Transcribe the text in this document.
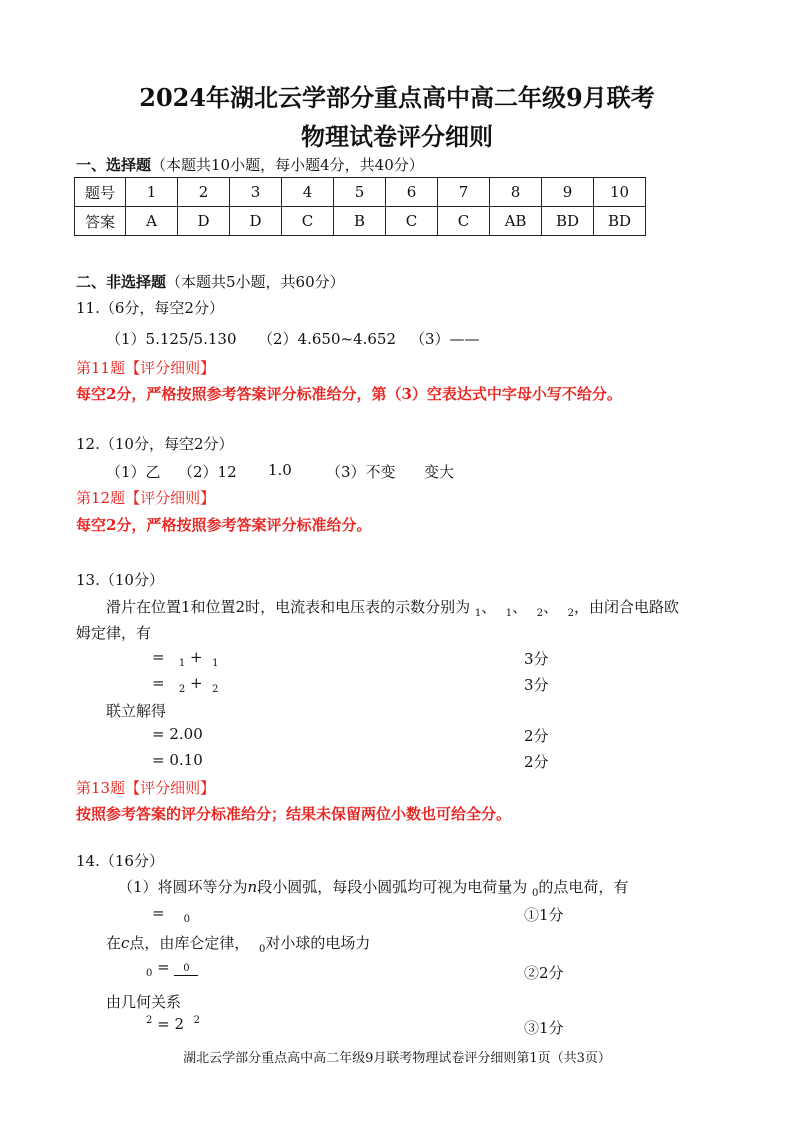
2024年湖北云学部分重点高中高二年级9月联考
物理试卷评分细则
一、选择题（本题共10小题，每小题4分，共40分）
题号	1	2	3	4	5	6	7	8	9	10
答案	A	D	D	C	B	C	C	AB	BD	BD
二、非选择题（本题共5小题，共60分）
11.（6分，每空2分）
（1）5.125/5.130 （2）4.650~4.652 （3）——
第11题【评分细则】
每空2分，严格按照参考答案评分标准给分，第（3）空表达式中字母小写不给分。
12.（10分，每空2分）
（1）乙 （2）12 1.0 （3）不变 变大
第12题【评分细则】
每空2分，严格按照参考答案评分标准给分。
13.（10分）
滑片在位置1和位置2时，电流表和电压表的示数分别为 $_1$、  $_1$、  $_2$、  $_2$，由闭合电路欧
姆定律，有
=   $_1$ +  $_1$	3分
=   $_2$ +  $_2$	3分
联立解得
= 2.00	2分
= 0.10	2分
第13题【评分细则】
按照参考答案的评分标准给分；结果未保留两位小数也可给全分。
14.（16分）
（1）将圆环等分为n段小圆弧，每段小圆弧均可视为电荷量为 $_0$的点电荷，有
=    $_0$	①1分
在c点，由库仑定律， $_0$对小球的电场力
$_0$ = $_0$	②2分
由几何关系
$^2$ = 2  $^2$	③1分
湖北云学部分重点高中高二年级9月联考物理试卷评分细则第1页（共3页）
